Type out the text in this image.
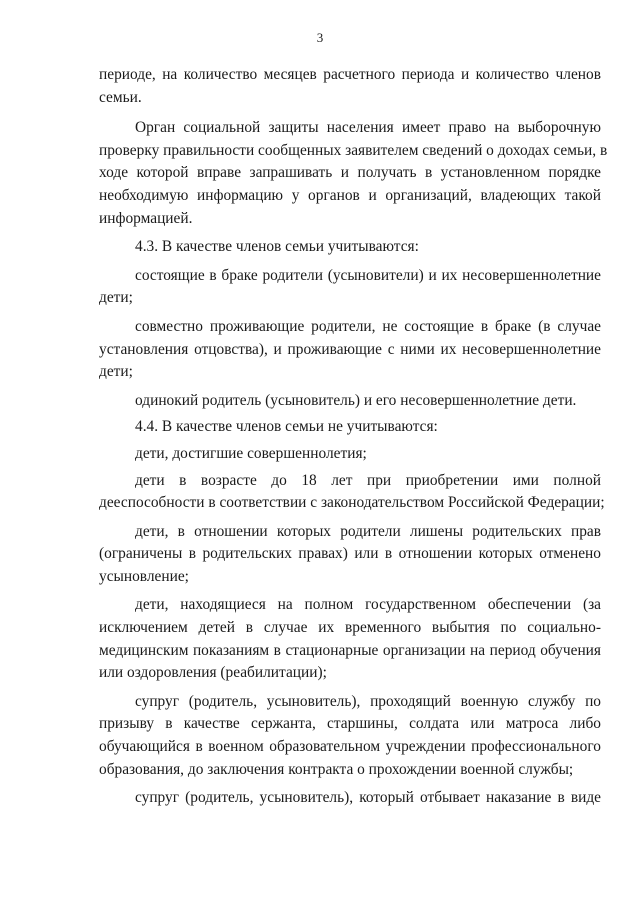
3
периоде, на количество месяцев расчетного периода и количество членов
семьи.
Орган социальной защиты населения имеет право на выборочную
проверку правильности сообщенных заявителем сведений о доходах семьи, в
ходе которой вправе запрашивать и получать в установленном порядке
необходимую информацию у органов и организаций, владеющих такой
информацией.
4.3. В качестве членов семьи учитываются:
состоящие в браке родители (усыновители) и их несовершеннолетние
дети;
совместно проживающие родители, не состоящие в браке (в случае
установления отцовства), и проживающие с ними их несовершеннолетние
дети;
одинокий родитель (усыновитель) и его несовершеннолетние дети.
4.4. В качестве членов семьи не учитываются:
дети, достигшие совершеннолетия;
дети в возрасте до 18 лет при приобретении ими полной
дееспособности в соответствии с законодательством Российской Федерации;
дети, в отношении которых родители лишены родительских прав
(ограничены в родительских правах) или в отношении которых отменено
усыновление;
дети, находящиеся на полном государственном обеспечении (за
исключением детей в случае их временного выбытия по социально-
медицинским показаниям в стационарные организации на период обучения
или оздоровления (реабилитации);
супруг (родитель, усыновитель), проходящий военную службу по
призыву в качестве сержанта, старшины, солдата или матроса либо
обучающийся в военном образовательном учреждении профессионального
образования, до заключения контракта о прохождении военной службы;
супруг (родитель, усыновитель), который отбывает наказание в виде
